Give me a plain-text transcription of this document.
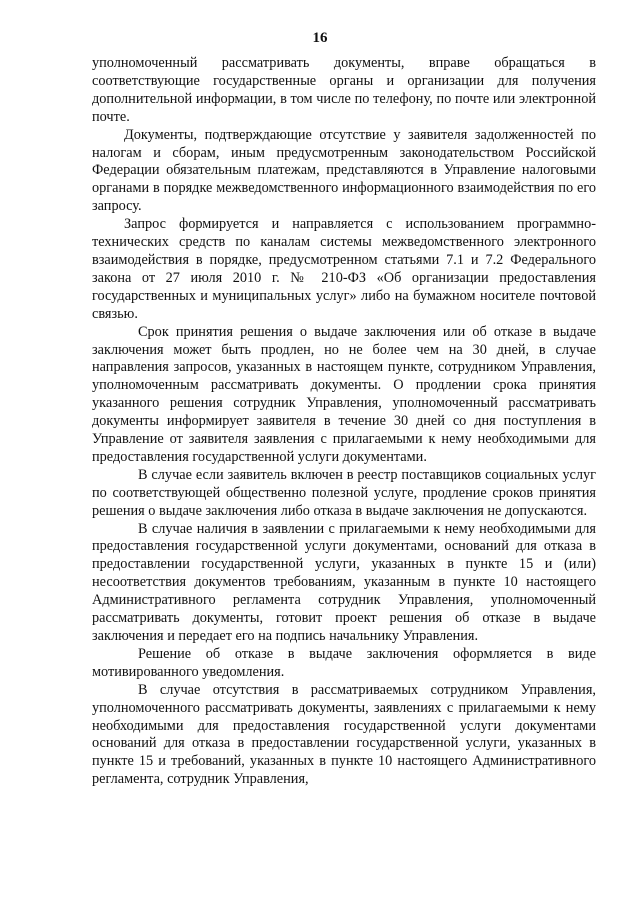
16

уполномоченный рассматривать документы, вправе обращаться в соответствующие государственные органы и организации для получения дополнительной информации, в том числе по телефону, по почте или электронной почте.

Документы, подтверждающие отсутствие у заявителя задолженностей по налогам и сборам, иным предусмотренным законодательством Российской Федерации обязательным платежам, представляются в Управление налоговыми органами в порядке межведомственного информационного взаимодействия по его запросу.

Запрос формируется и направляется с использованием программно-технических средств по каналам системы межведомственного электронного взаимодействия в порядке, предусмотренном статьями 7.1 и 7.2 Федерального закона от 27 июля 2010 г. № 210-ФЗ «Об организации предоставления государственных и муниципальных услуг» либо на бумажном носителе почтовой связью.

Срок принятия решения о выдаче заключения или об отказе в выдаче заключения может быть продлен, но не более чем на 30 дней, в случае направления запросов, указанных в настоящем пункте, сотрудником Управления, уполномоченным рассматривать документы. О продлении срока принятия указанного решения сотрудник Управления, уполномоченный рассматривать документы информирует заявителя в течение 30 дней со дня поступления в Управление от заявителя заявления с прилагаемыми к нему необходимыми для предоставления государственной услуги документами.

В случае если заявитель включен в реестр поставщиков социальных услуг по соответствующей общественно полезной услуге, продление сроков принятия решения о выдаче заключения либо отказа в выдаче заключения не допускаются.

В случае наличия в заявлении с прилагаемыми к нему необходимыми для предоставления государственной услуги документами, оснований для отказа в предоставлении государственной услуги, указанных в пункте 15 и (или) несоответствия документов требованиям, указанным в пункте 10 настоящего Административного регламента сотрудник Управления, уполномоченный рассматривать документы, готовит проект решения об отказе в выдаче заключения и передает его на подпись начальнику Управления.

Решение об отказе в выдаче заключения оформляется в виде мотивированного уведомления.

В случае отсутствия в рассматриваемых сотрудником Управления, уполномоченного рассматривать документы, заявлениях с прилагаемыми к нему необходимыми для предоставления государственной услуги документами оснований для отказа в предоставлении государственной услуги, указанных в пункте 15 и требований, указанных в пункте 10 настоящего Административного регламента, сотрудник Управления,
